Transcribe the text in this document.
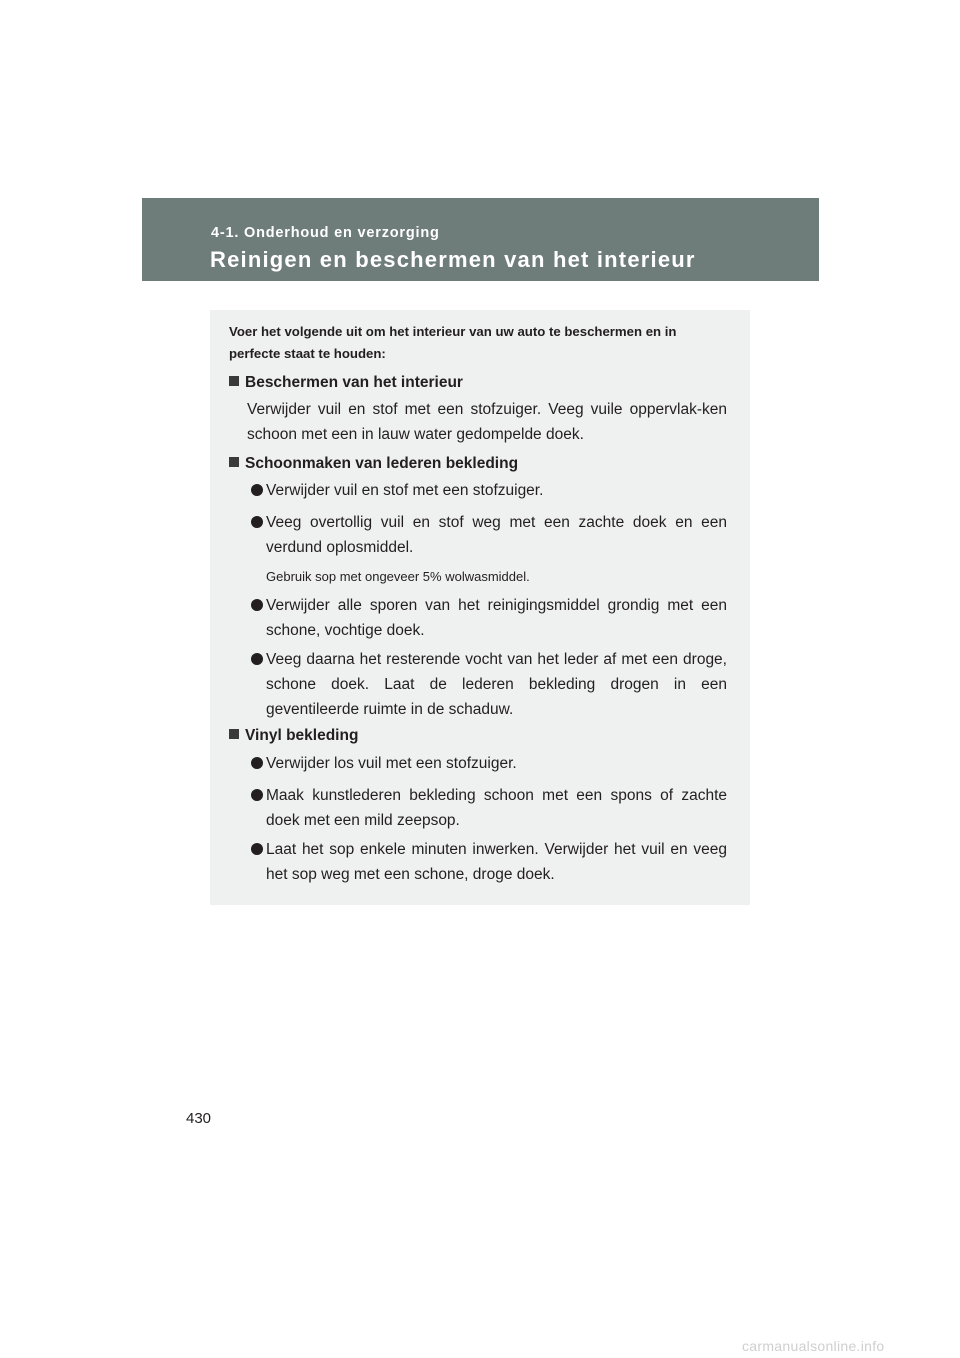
4-1. Onderhoud en verzorging
Reinigen en beschermen van het interieur
Voer het volgende uit om het interieur van uw auto te beschermen en in perfecte staat te houden:
Beschermen van het interieur
Verwijder vuil en stof met een stofzuiger. Veeg vuile oppervlak-ken schoon met een in lauw water gedompelde doek.
Schoonmaken van lederen bekleding
Verwijder vuil en stof met een stofzuiger.
Veeg overtollig vuil en stof weg met een zachte doek en een verdund oplosmiddel.
Gebruik sop met ongeveer 5% wolwasmiddel.
Verwijder alle sporen van het reinigingsmiddel grondig met een schone, vochtige doek.
Veeg daarna het resterende vocht van het leder af met een droge, schone doek. Laat de lederen bekleding drogen in een geventileerde ruimte in de schaduw.
Vinyl bekleding
Verwijder los vuil met een stofzuiger.
Maak kunstlederen bekleding schoon met een spons of zachte doek met een mild zeepsop.
Laat het sop enkele minuten inwerken. Verwijder het vuil en veeg het sop weg met een schone, droge doek.
430
carmanualsonline.info
